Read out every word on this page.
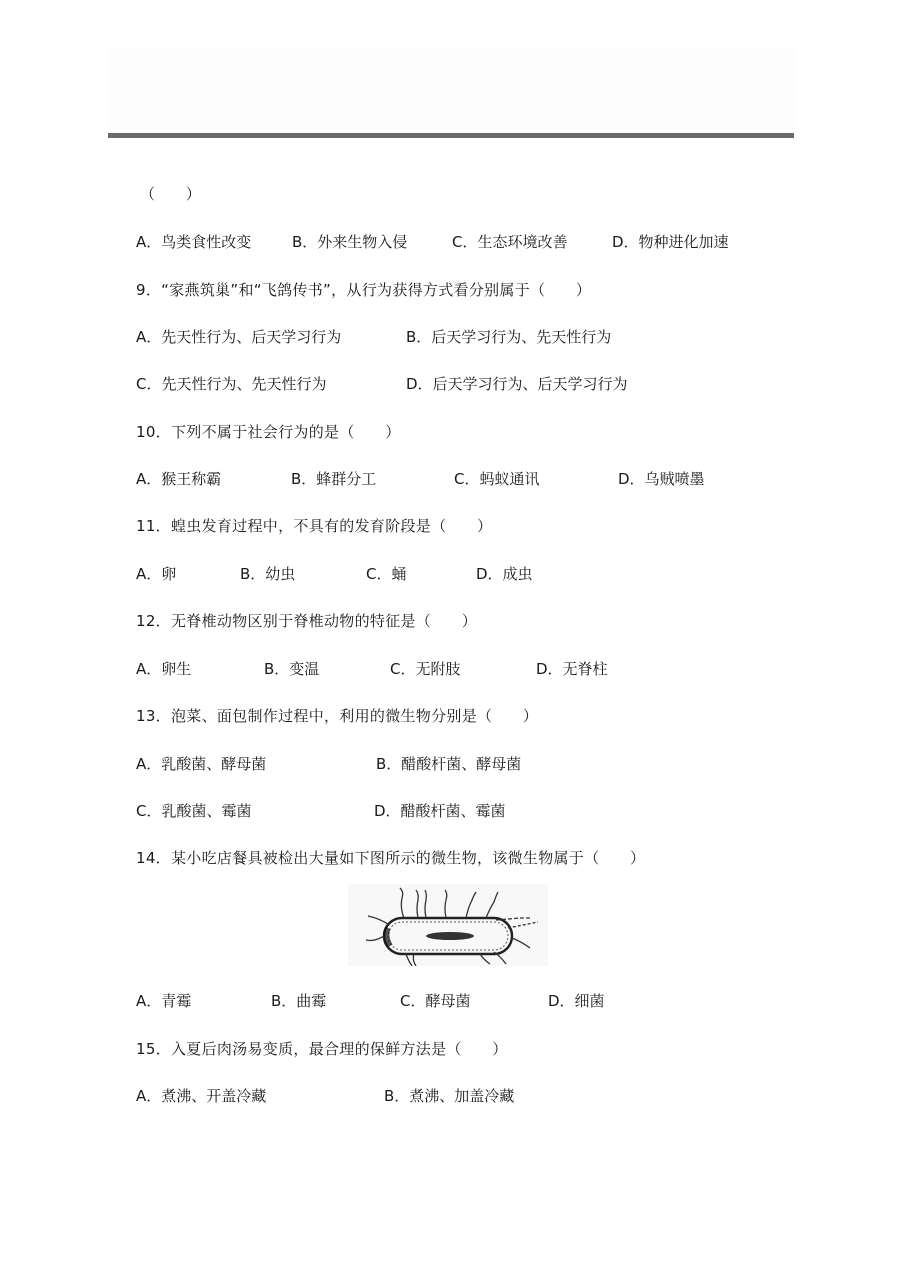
（　　）
A．鸟类食性改变	B．外来生物入侵	C．生态环境改善	D．物种进化加速
9．“家燕筑巢”和“飞鸽传书”，从行为获得方式看分别属于（　　）
A．先天性行为、后天学习行为	B．后天学习行为、先天性行为
C．先天性行为、先天性行为	D．后天学习行为、后天学习行为
10．下列不属于社会行为的是（　　）
A．猴王称霸	B．蜂群分工	C．蚂蚁通讯	D．乌贼喷墨
11．蝗虫发育过程中，不具有的发育阶段是（　　）
A．卵	B．幼虫	C．蛹	D．成虫
12．无脊椎动物区别于脊椎动物的特征是（　　）
A．卵生	B．变温	C．无附肢	D．无脊柱
13．泡菜、面包制作过程中，利用的微生物分别是（　　）
A．乳酸菌、酵母菌	B．醋酸杆菌、酵母菌
C．乳酸菌、霉菌	D．醋酸杆菌、霉菌
14．某小吃店餐具被检出大量如下图所示的微生物，该微生物属于（　　）
A．青霉	B．曲霉	C．酵母菌	D．细菌
15．入夏后肉汤易变质，最合理的保鲜方法是（　　）
A．煮沸、开盖冷藏	B．煮沸、加盖冷藏
